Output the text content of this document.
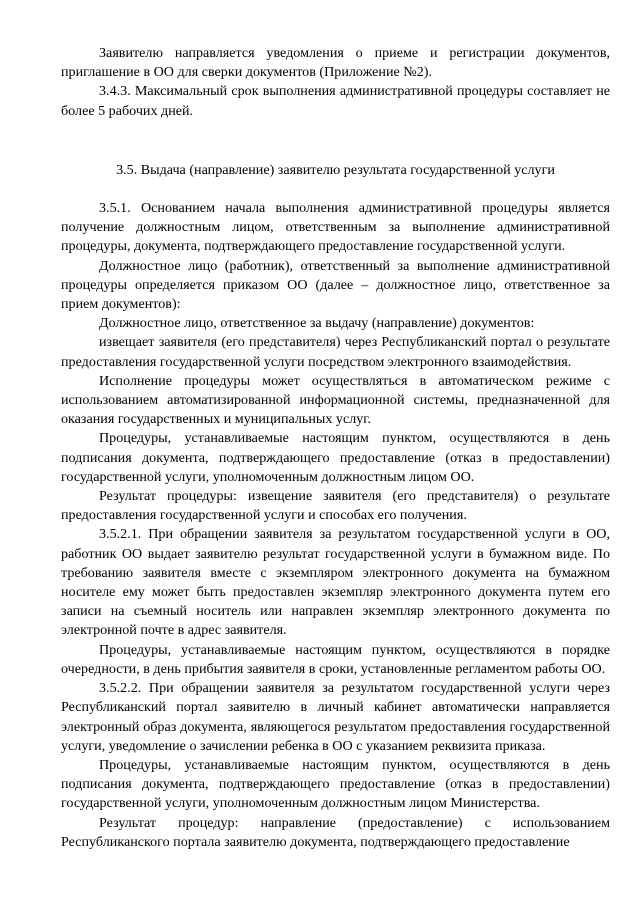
Заявителю направляется уведомления о приеме и регистрации документов, приглашение в ОО для сверки документов (Приложение №2).

3.4.3. Максимальный срок выполнения административной процедуры составляет не более 5 рабочих дней.

3.5. Выдача (направление) заявителю результата государственной услуги

3.5.1. Основанием начала выполнения административной процедуры является получение должностным лицом, ответственным за выполнение административной процедуры, документа, подтверждающего предоставление государственной услуги.

Должностное лицо (работник), ответственный за выполнение административной процедуры определяется приказом ОО (далее – должностное лицо, ответственное за прием документов):

Должностное лицо, ответственное за выдачу (направление) документов:

извещает заявителя (его представителя) через Республиканский портал о результате предоставления государственной услуги посредством электронного взаимодействия.

Исполнение процедуры может осуществляться в автоматическом режиме с использованием автоматизированной информационной системы, предназначенной для оказания государственных и муниципальных услуг.

Процедуры, устанавливаемые настоящим пунктом, осуществляются в день подписания документа, подтверждающего предоставление (отказ в предоставлении) государственной услуги, уполномоченным должностным лицом ОО.

Результат процедуры: извещение заявителя (его представителя) о результате предоставления государственной услуги и способах его получения.

3.5.2.1. При обращении заявителя за результатом государственной услуги в ОО, работник ОО выдает заявителю результат государственной услуги в бумажном виде. По требованию заявителя вместе с экземпляром электронного документа на бумажном носителе ему может быть предоставлен экземпляр электронного документа путем его записи на съемный носитель или направлен экземпляр электронного документа по электронной почте в адрес заявителя.

Процедуры, устанавливаемые настоящим пунктом, осуществляются в порядке очередности, в день прибытия заявителя в сроки, установленные регламентом работы ОО.

3.5.2.2. При обращении заявителя за результатом государственной услуги через Республиканский портал заявителю в личный кабинет автоматически направляется электронный образ документа, являющегося результатом предоставления государственной услуги, уведомление о зачислении ребенка в ОО с указанием реквизита приказа.

Процедуры, устанавливаемые настоящим пунктом, осуществляются в день подписания документа, подтверждающего предоставление (отказ в предоставлении) государственной услуги, уполномоченным должностным лицом Министерства.

Результат процедур: направление (предоставление) с использованием Республиканского портала заявителю документа, подтверждающего предоставление
